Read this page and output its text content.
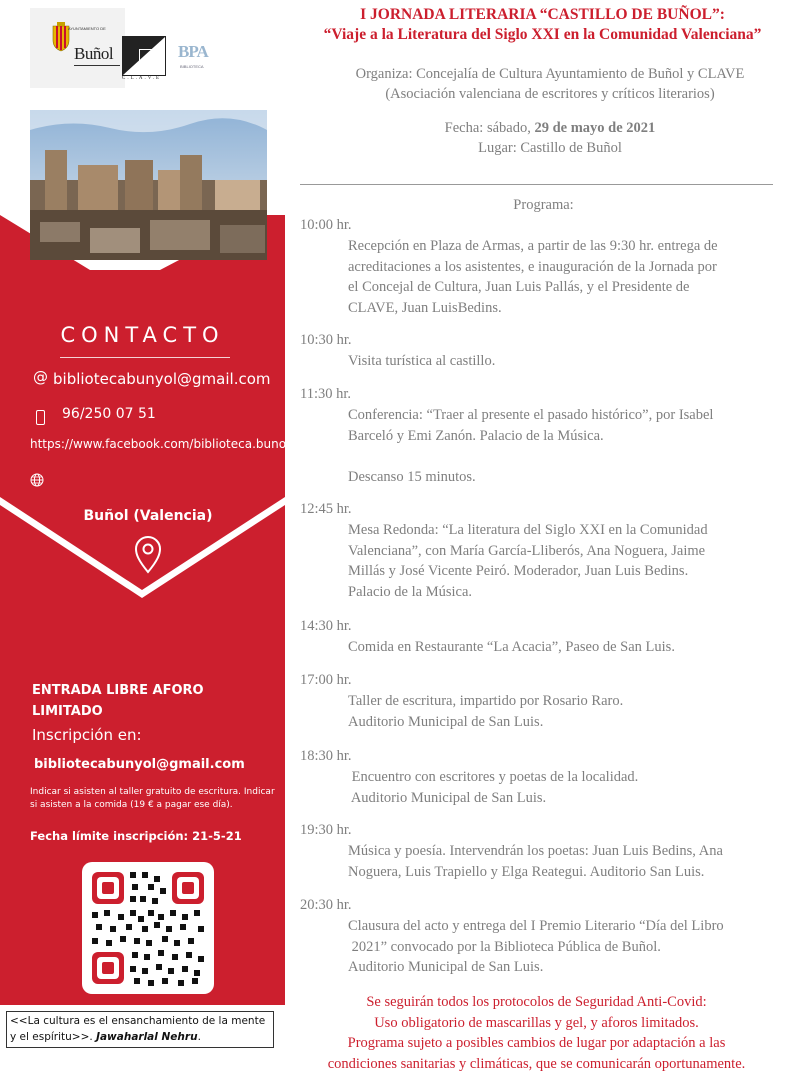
AYUNTAMIENTO DE
Buñol
C.L.A.V.E
BPA
BIBLIOTECA
CONTACTO
@ bibliotecabunyol@gmail.com
96/250 07 51
https://www.facebook.com/biblioteca.bunol
Buñol (Valencia)
ENTRADA LIBRE AFORO LIMITADO
Inscripción en:
bibliotecabunyol@gmail.com
Indicar si asisten al taller gratuito de escritura. Indicar si asisten a la comida (19 € a pagar ese día).
Fecha límite inscripción: 21-5-21
<<La cultura es el ensanchamiento de la mente y el espíritu>>. Jawaharlal Nehru.
I JORNADA LITERARIA “CASTILLO DE BUÑOL”:
“Viaje a la Literatura del Siglo XXI en la Comunidad Valenciana”
Organiza: Concejalía de Cultura Ayuntamiento de Buñol y CLAVE
(Asociación valenciana de escritores y críticos literarios)
Fecha: sábado, 29 de mayo de 2021
Lugar: Castillo de Buñol
Programa:
10:00 hr.
Recepción en Plaza de Armas, a partir de las 9:30 hr. entrega de
acreditaciones a los asistentes, e inauguración de la Jornada por
el Concejal de Cultura, Juan Luis Pallás, y el Presidente de
CLAVE, Juan LuisBedins.
10:30 hr.
Visita turística al castillo.
11:30 hr.
Conferencia: “Traer al presente el pasado histórico”, por Isabel
Barceló y Emi Zanón. Palacio de la Música.
Descanso 15 minutos.
12:45 hr.
Mesa Redonda: “La literatura del Siglo XXI en la Comunidad
Valenciana”, con María García-Lliberós, Ana Noguera, Jaime
Millás y José Vicente Peiró. Moderador, Juan Luis Bedins.
Palacio de la Música.
14:30 hr.
Comida en Restaurante “La Acacia”, Paseo de San Luis.
17:00 hr.
Taller de escritura, impartido por Rosario Raro.
Auditorio Municipal de San Luis.
18:30 hr.
Encuentro con escritores y poetas de la localidad.
Auditorio Municipal de San Luis.
19:30 hr.
Música y poesía. Intervendrán los poetas: Juan Luis Bedins, Ana
Noguera, Luis Trapiello y Elga Reategui. Auditorio San Luis.
20:30 hr.
Clausura del acto y entrega del I Premio Literario “Día del Libro
2021” convocado por la Biblioteca Pública de Buñol.
Auditorio Municipal de San Luis.
Se seguirán todos los protocolos de Seguridad Anti-Covid:
Uso obligatorio de mascarillas y gel, y aforos limitados.
Programa sujeto a posibles cambios de lugar por adaptación a las
condiciones sanitarias y climáticas, que se comunicarán oportunamente.
